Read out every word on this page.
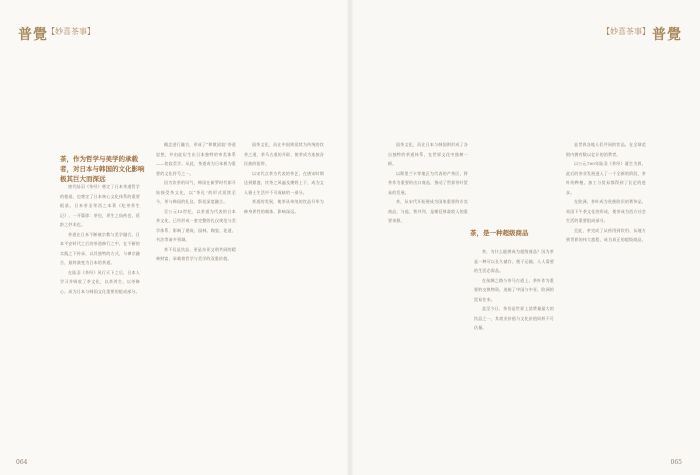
普覺 【妙喜茶事】
茶，作为哲学与美学的承载者，对日本与韩国的文化影响极其巨大而深远

唐代陆羽《茶经》奠定了日本茶道哲学的根基，也奠定了日本核心文化体系的重要根基。日本茶圣荣西之本著《吃茶养生记》，一开篇即：茶也，养生之仙药也，延龄之妙术也。

茶道在日本不断被宗教与美学融合，日本平安时代之后的茶道修行之中，在不断的实践之下传承，以其独特的方式，与禅宗融合，最终演变为日本的茶道。

在陆羽《茶经》风行天下之后，日本人学习并吸收了茶文化，以茶养生、以茶修心，成为日本与韩国文化重要的组成部分。

概念进行融合，形成了“和敬清寂”茶道思想，并由此衍生出日本独特的审美体系——侘寂美学。从此，茶道成为日本极为重要的文化符号之一。

因为饮茶的风气，韩国在新罗时代即开始接受茶文化，以“茶礼”的形式延续至今，茶与韩国的礼仪、祭祀深度融合。

至公元15世纪，以茶道为代表的日本茶文化，已经形成一套完整的礼仪规范与美学体系，影响了建筑、园林、陶瓷、花道、书法等诸多领域。

茶不仅是饮品，更是东亚文明共同的精神财富，承载着哲学与美学的双重价值。

国茶文化，而在中国则延续为传统的饮茶之道，茶马古道的开辟，使茶成为连接各民族的纽带。

以宋代点茶为代表的茶艺，在唐宋时期达到鼎盛，饮茶之风遍及朝野上下，成为文人雅士生活中不可或缺的一部分。

茶道的发展，使茶从单纯的饮品升华为修身养性的载体，影响深远。

064
普覺
【妙喜茶事】
065

国茶文化，而在日本与韩国则形成了各自独特的茶道体系，在世界文化中独树一帜。

以斯里兰卡等地区为代表的产茶区，将茶作为重要的出口商品，推动了世界茶叶贸易的发展。

茶，从宋代开始便成为国家重要的专卖商品，与盐、铁并列，是朝廷财政收入的重要来源。

茶，是一种超级商品

茶，为什么能够成为超级商品？因为茶是一种可以长久储存、便于运输、人人需要的生活必需品。

在丝绸之路与茶马古道上，茶叶作为重要的交换物资，连接了中国与中亚、欧洲的贸易往来。

直至今日，茶仍是世界上消费量最大的饮品之一，其商业价值与文化价值同样不可估量。

是世界各地人们共同的饮品，在全球范围内拥有数以亿计的消费者。

以公元780年陆羽《茶经》诞生为界，此后的茶业发展进入了一个全新的阶段，茶叶的种植、加工与贸易都得到了长足的进步。

在欧洲，茶叶成为贵族阶层的奢侈品，英国下午茶文化的形成，使茶成为西方社会生活的重要组成部分。

至此，茶完成了从药用到饮用、从地方到世界的伟大旅程，成为真正的超级商品。
